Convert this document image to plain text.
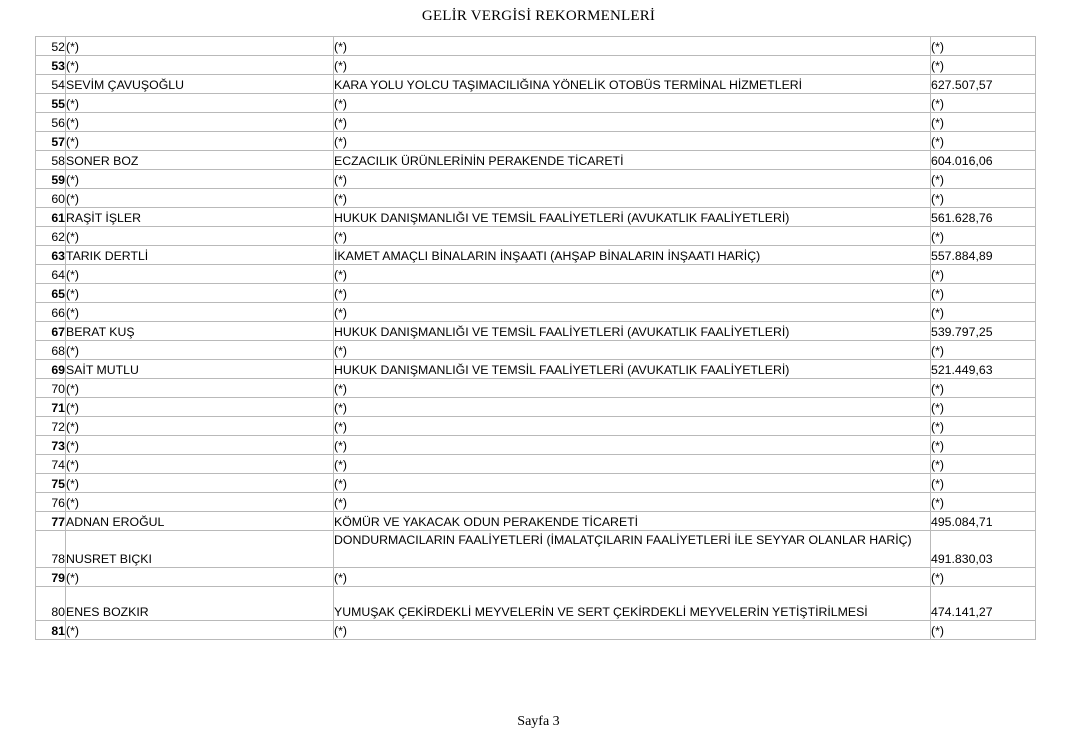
GELİR VERGİSİ REKORMENLERİ
52	(*)	(*)	(*)
53	(*)	(*)	(*)
54	SEVİM ÇAVUŞOĞLU	KARA YOLU YOLCU TAŞIMACILIĞINA YÖNELİK OTOBÜS TERMİNAL HİZMETLERİ	627.507,57
55	(*)	(*)	(*)
56	(*)	(*)	(*)
57	(*)	(*)	(*)
58	SONER BOZ	ECZACILIK ÜRÜNLERİNİN PERAKENDE TİCARETİ	604.016,06
59	(*)	(*)	(*)
60	(*)	(*)	(*)
61	RAŞİT İŞLER	HUKUK DANIŞMANLIĞI VE TEMSİL FAALİYETLERİ (AVUKATLIK FAALİYETLERİ)	561.628,76
62	(*)	(*)	(*)
63	TARIK DERTLİ	İKAMET AMAÇLI BİNALARIN İNŞAATI (AHŞAP BİNALARIN İNŞAATI HARİÇ)	557.884,89
64	(*)	(*)	(*)
65	(*)	(*)	(*)
66	(*)	(*)	(*)
67	BERAT KUŞ	HUKUK DANIŞMANLIĞI VE TEMSİL FAALİYETLERİ (AVUKATLIK FAALİYETLERİ)	539.797,25
68	(*)	(*)	(*)
69	SAİT MUTLU	HUKUK DANIŞMANLIĞI VE TEMSİL FAALİYETLERİ (AVUKATLIK FAALİYETLERİ)	521.449,63
70	(*)	(*)	(*)
71	(*)	(*)	(*)
72	(*)	(*)	(*)
73	(*)	(*)	(*)
74	(*)	(*)	(*)
75	(*)	(*)	(*)
76	(*)	(*)	(*)
77	ADNAN EROĞUL	KÖMÜR VE YAKACAK ODUN PERAKENDE TİCARETİ	495.084,71
78	NUSRET BIÇKI	DONDURMACILARIN FAALİYETLERİ (İMALATÇILARIN FAALİYETLERİ İLE SEYYAR OLANLAR HARİÇ)	491.830,03
79	(*)	(*)	(*)
80	ENES BOZKIR	YUMUŞAK ÇEKİRDEKLİ MEYVELERİN VE SERT ÇEKİRDEKLİ MEYVELERİN YETİŞTİRİLMESİ	474.141,27
81	(*)	(*)	(*)
Sayfa 3
